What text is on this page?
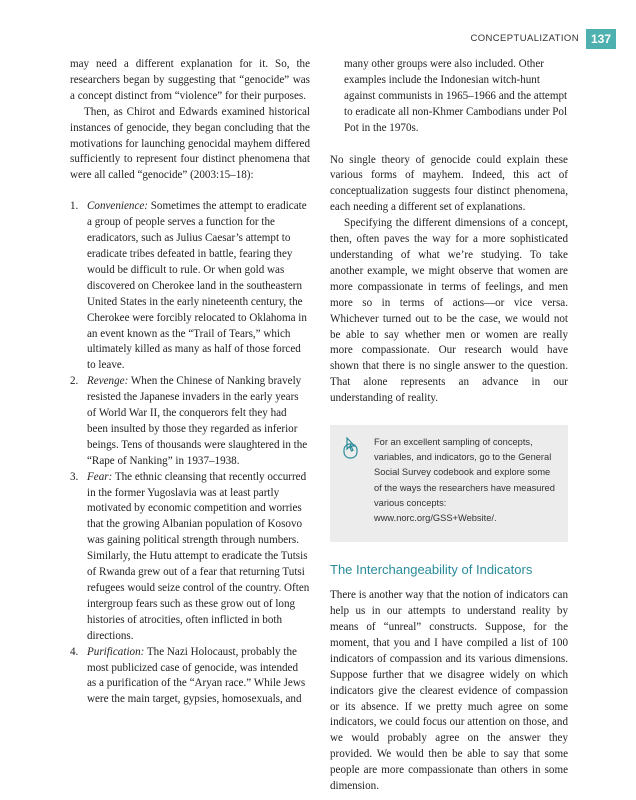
CONCEPTUALIZATION	137

may need a different explanation for it. So, the researchers began by suggesting that “genocide” was a concept distinct from “violence” for their purposes.

Then, as Chirot and Edwards examined historical instances of genocide, they began concluding that the motivations for launching genocidal mayhem differed sufficiently to represent four distinct phenomena that were all called “genocide” (2003:15–18):

1. Convenience: Sometimes the attempt to eradicate a group of people serves a function for the eradicators, such as Julius Caesar’s attempt to eradicate tribes defeated in battle, fearing they would be difficult to rule. Or when gold was discovered on Cherokee land in the southeastern United States in the early nineteenth century, the Cherokee were forcibly relocated to Oklahoma in an event known as the “Trail of Tears,” which ultimately killed as many as half of those forced to leave.
2. Revenge: When the Chinese of Nanking bravely resisted the Japanese invaders in the early years of World War II, the conquerors felt they had been insulted by those they regarded as inferior beings. Tens of thousands were slaughtered in the “Rape of Nanking” in 1937–1938.
3. Fear: The ethnic cleansing that recently occurred in the former Yugoslavia was at least partly motivated by economic competition and worries that the growing Albanian population of Kosovo was gaining political strength through numbers. Similarly, the Hutu attempt to eradicate the Tutsis of Rwanda grew out of a fear that returning Tutsi refugees would seize control of the country. Often intergroup fears such as these grow out of long histories of atrocities, often inflicted in both directions.
4. Purification: The Nazi Holocaust, probably the most publicized case of genocide, was intended as a purification of the “Aryan race.” While Jews were the main target, gypsies, homosexuals, and

many other groups were also included. Other examples include the Indonesian witch-hunt against communists in 1965–1966 and the attempt to eradicate all non-Khmer Cambodians under Pol Pot in the 1970s.

No single theory of genocide could explain these various forms of mayhem. Indeed, this act of conceptualization suggests four distinct phenomena, each needing a different set of explanations.

Specifying the different dimensions of a concept, then, often paves the way for a more sophisticated understanding of what we’re studying. To take another example, we might observe that women are more compassionate in terms of feelings, and men more so in terms of actions—or vice versa. Whichever turned out to be the case, we would not be able to say whether men or women are really more compassionate. Our research would have shown that there is no single answer to the question. That alone represents an advance in our understanding of reality.

For an excellent sampling of concepts, variables, and indicators, go to the General Social Survey codebook and explore some of the ways the researchers have measured various concepts: www.norc.org/GSS+Website/.
The Interchangeability of Indicators

There is another way that the notion of indicators can help us in our attempts to understand reality by means of “unreal” constructs. Suppose, for the moment, that you and I have compiled a list of 100 indicators of compassion and its various dimensions. Suppose further that we disagree widely on which indicators give the clearest evidence of compassion or its absence. If we pretty much agree on some indicators, we could focus our attention on those, and we would probably agree on the answer they provided. We would then be able to say that some people are more compassionate than others in some dimension.
